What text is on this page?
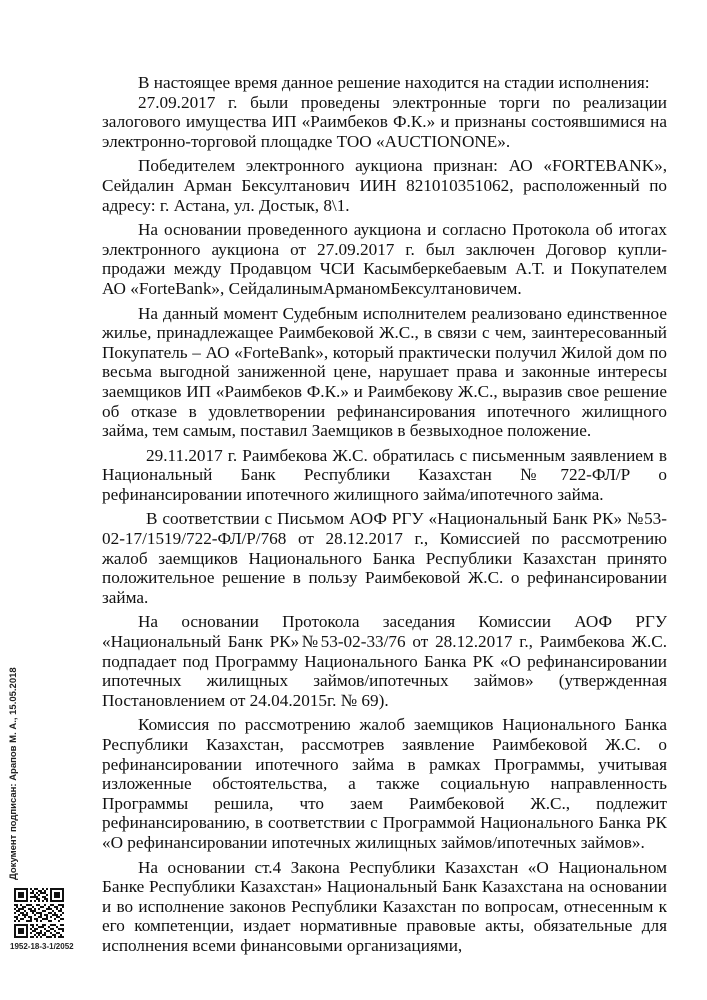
В настоящее время данное решение находится на стадии исполнения:

27.09.2017 г. были проведены электронные торги по реализации залогового имущества ИП «Раимбеков Ф.К.» и признаны состоявшимися на электронно-торговой площадке ТОО «AUCTIONONE».

Победителем электронного аукциона признан: АО «FORTEBANK», Сейдалин Арман Бексултанович ИИН 821010351062, расположенный по адресу: г. Астана, ул. Достык, 8\1.

На основании проведенного аукциона и согласно Протокола об итогах электронного аукциона от 27.09.2017 г. был заключен Договор купли-продажи между Продавцом ЧСИ Касымберкебаевым А.Т. и Покупателем АО «ForteBank», СейдалинымАрманомБексултановичем.

На данный момент Судебным исполнителем реализовано единственное жилье, принадлежащее Раимбековой Ж.С., в связи с чем, заинтересованный Покупатель – АО «ForteBank», который практически получил Жилой дом по весьма выгодной заниженной цене, нарушает права и законные интересы заемщиков ИП «Раимбеков Ф.К.» и Раимбекову Ж.С., выразив свое решение об отказе в удовлетворении рефинансирования ипотечного жилищного займа, тем самым, поставил Заемщиков в безвыходное положение.

29.11.2017 г. Раимбекова Ж.С. обратилась с письменным заявлением в Национальный Банк Республики Казахстан №722-ФЛ/Р о рефинансировании ипотечного жилищного займа/ипотечного займа.

В соответствии с Письмом АОФ РГУ «Национальный Банк РК» №53-02-17/1519/722-ФЛ/Р/768 от 28.12.2017 г., Комиссией по рассмотрению жалоб заемщиков Национального Банка Республики Казахстан принято положительное решение в пользу Раимбековой Ж.С. о рефинансировании займа.

На основании Протокола заседания Комиссии АОФ РГУ «Национальный Банк РК»№53-02-33/76 от 28.12.2017 г., Раимбекова Ж.С. подпадает под Программу Национального Банка РК «О рефинансировании ипотечных жилищных займов/ипотечных займов» (утвержденная Постановлением от 24.04.2015г. № 69).

Комиссия по рассмотрению жалоб заемщиков Национального Банка Республики Казахстан, рассмотрев заявление Раимбековой Ж.С. о рефинансировании ипотечного займа в рамках Программы, учитывая изложенные обстоятельства, а также социальную направленность Программы решила, что заем Раимбековой Ж.С., подлежит рефинансированию, в соответствии с Программой Национального Банка РК «О рефинансировании ипотечных жилищных займов/ипотечных займов».

На основании ст.4 Закона Республики Казахстан «О Национальном Банке Республики Казахстан» Национальный Банк Казахстана на основании и во исполнение законов Республики Казахстан по вопросам, отнесенным к его компетенции, издает нормативные правовые акты, обязательные для исполнения всеми финансовыми организациями,

Документ подписан: Арапов М. А., 15.05.2018
1952-18-3-1/2052
